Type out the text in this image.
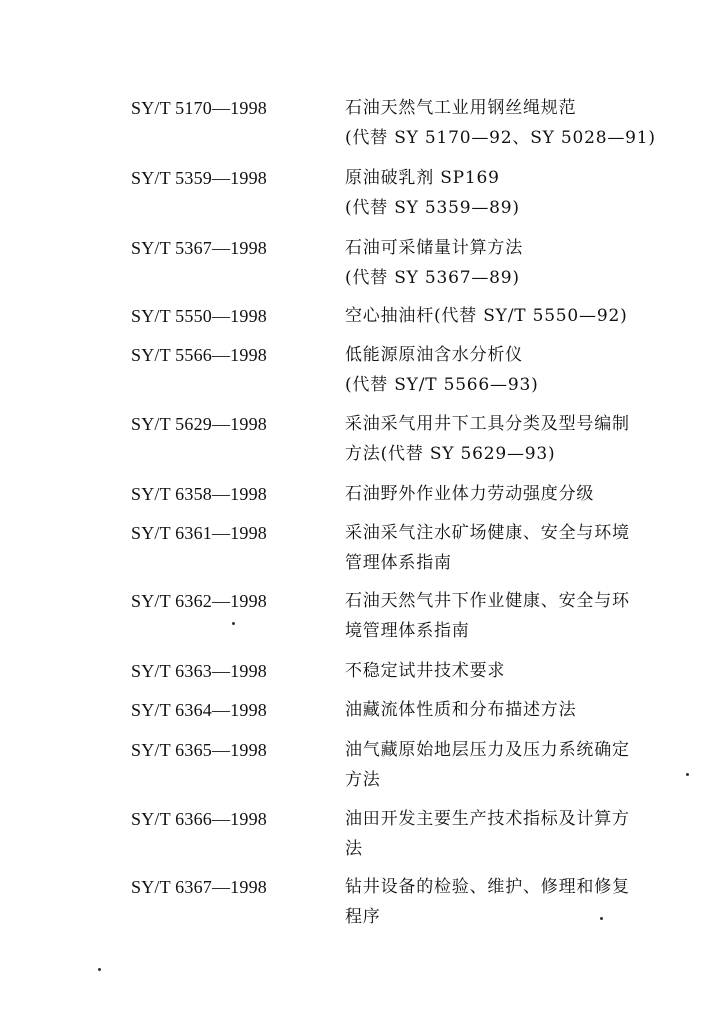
SY/T 5170—1998	石油天然气工业用钢丝绳规范
(代替 SY 5170—92、SY 5028—91)
SY/T 5359—1998	原油破乳剂 SP169
(代替 SY 5359—89)
SY/T 5367—1998	石油可采储量计算方法
(代替 SY 5367—89)
SY/T 5550—1998	空心抽油杆(代替 SY/T 5550—92)
SY/T 5566—1998	低能源原油含水分析仪
(代替 SY/T 5566—93)
SY/T 5629—1998	采油采气用井下工具分类及型号编制
方法(代替 SY 5629—93)
SY/T 6358—1998	石油野外作业体力劳动强度分级
SY/T 6361—1998	采油采气注水矿场健康、安全与环境
管理体系指南
SY/T 6362—1998	石油天然气井下作业健康、安全与环
境管理体系指南
SY/T 6363—1998	不稳定试井技术要求
SY/T 6364—1998	油藏流体性质和分布描述方法
SY/T 6365—1998	油气藏原始地层压力及压力系统确定
方法
SY/T 6366—1998	油田开发主要生产技术指标及计算方
法
SY/T 6367—1998	钻井设备的检验、维护、修理和修复
程序
